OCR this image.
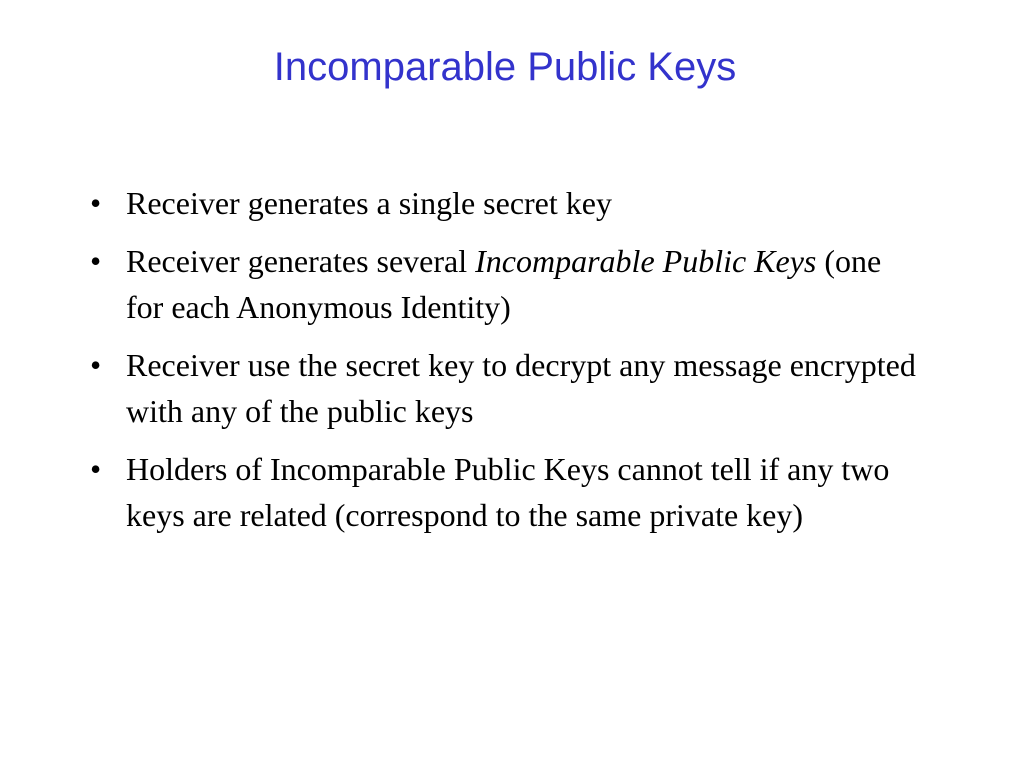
Incomparable Public Keys
• Receiver generates a single secret key
• Receiver generates several Incomparable Public Keys (one for each Anonymous Identity)
• Receiver use the secret key to decrypt any message encrypted with any of the public keys
• Holders of Incomparable Public Keys cannot tell if any two keys are related (correspond to the same private key)
